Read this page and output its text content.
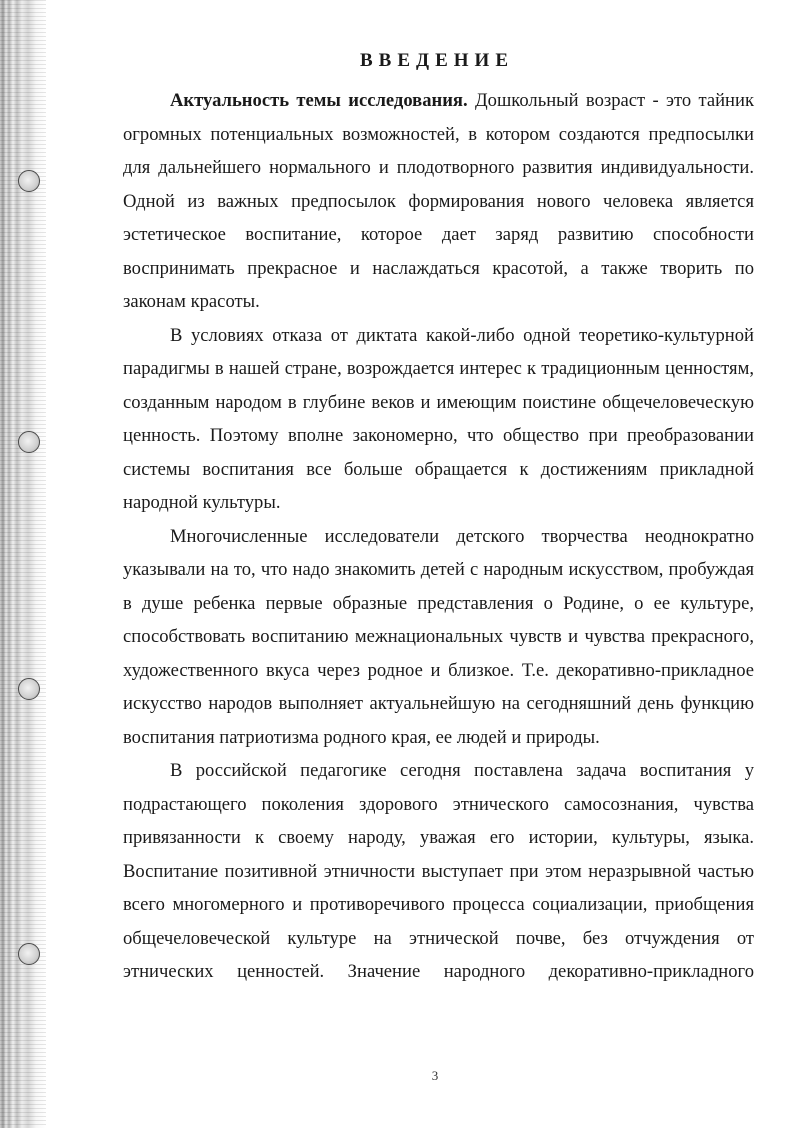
ВВЕДЕНИЕ

Актуальность темы исследования. Дошкольный возраст - это тайник огромных потенциальных возможностей, в котором создаются предпосылки для дальнейшего нормального и плодотворного развития индивидуальности. Одной из важных предпосылок формирования нового человека является эстетическое воспитание, которое дает заряд развитию способности воспринимать прекрасное и наслаждаться красотой, а также творить по законам красоты.

В условиях отказа от диктата какой-либо одной теоретико-культурной парадигмы в нашей стране, возрождается интерес к традиционным ценностям, созданным народом в глубине веков и имеющим поистине общечеловеческую ценность. Поэтому вполне закономерно, что общество при преобразовании системы воспитания все больше обращается к достижениям прикладной народной культуры.

Многочисленные исследователи детского творчества неоднократно указывали на то, что надо знакомить детей с народным искусством, пробуждая в душе ребенка первые образные представления о Родине, о ее культуре, способствовать воспитанию межнациональных чувств и чувства прекрасного, художественного вкуса через родное и близкое. Т.е. декоративно-прикладное искусство народов выполняет актуальнейшую на сегодняшний день функцию воспитания патриотизма родного края, ее людей и природы.

В российской педагогике сегодня поставлена задача воспитания у подрастающего поколения здорового этнического самосознания, чувства привязанности к своему народу, уважая его истории, культуры, языка. Воспитание позитивной этничности выступает при этом неразрывной частью всего многомерного и противоречивого процесса социализации, приобщения общечеловеческой культуре на этнической почве, без отчуждения от этнических ценностей. Значение народного декоративно-прикладного

3
